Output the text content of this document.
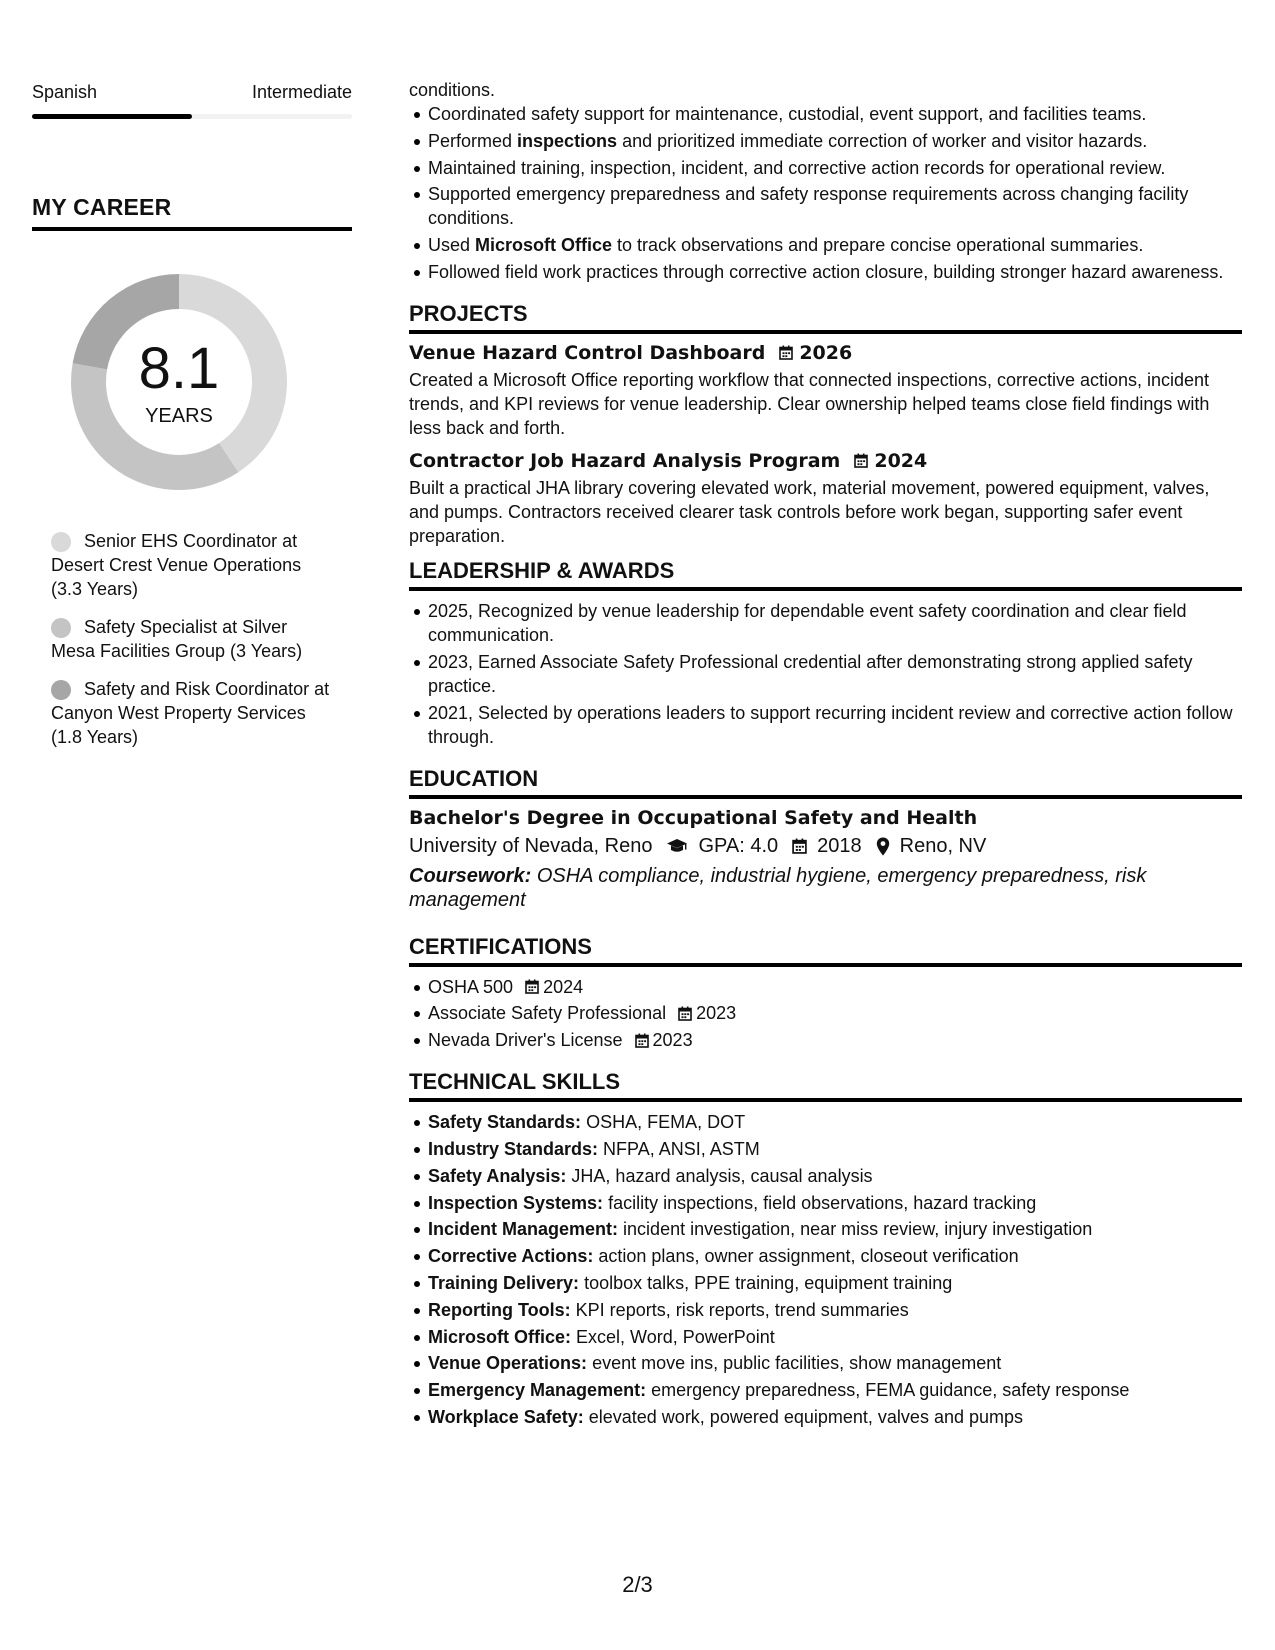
Spanish	Intermediate
MY CAREER
8.1
YEARS
Senior EHS Coordinator at Desert Crest Venue Operations (3.3 Years)
Safety Specialist at Silver Mesa Facilities Group (3 Years)
Safety and Risk Coordinator at Canyon West Property Services (1.8 Years)
conditions.
Coordinated safety support for maintenance, custodial, event support, and facilities teams.
Performed inspections and prioritized immediate correction of worker and visitor hazards.
Maintained training, inspection, incident, and corrective action records for operational review.
Supported emergency preparedness and safety response requirements across changing facility conditions.
Used Microsoft Office to track observations and prepare concise operational summaries.
Followed field work practices through corrective action closure, building stronger hazard awareness.
PROJECTS
Venue Hazard Control Dashboard 2026
Created a Microsoft Office reporting workflow that connected inspections, corrective actions, incident trends, and KPI reviews for venue leadership. Clear ownership helped teams close field findings with less back and forth.
Contractor Job Hazard Analysis Program 2024
Built a practical JHA library covering elevated work, material movement, powered equipment, valves, and pumps. Contractors received clearer task controls before work began, supporting safer event preparation.
LEADERSHIP & AWARDS
2025, Recognized by venue leadership for dependable event safety coordination and clear field communication.
2023, Earned Associate Safety Professional credential after demonstrating strong applied safety practice.
2021, Selected by operations leaders to support recurring incident review and corrective action follow through.
EDUCATION
Bachelor's Degree in Occupational Safety and Health
University of Nevada, Reno GPA: 4.0 2018 Reno, NV
Coursework: OSHA compliance, industrial hygiene, emergency preparedness, risk management
CERTIFICATIONS
OSHA 500 2024
Associate Safety Professional 2023
Nevada Driver's License 2023
TECHNICAL SKILLS
Safety Standards: OSHA, FEMA, DOT
Industry Standards: NFPA, ANSI, ASTM
Safety Analysis: JHA, hazard analysis, causal analysis
Inspection Systems: facility inspections, field observations, hazard tracking
Incident Management: incident investigation, near miss review, injury investigation
Corrective Actions: action plans, owner assignment, closeout verification
Training Delivery: toolbox talks, PPE training, equipment training
Reporting Tools: KPI reports, risk reports, trend summaries
Microsoft Office: Excel, Word, PowerPoint
Venue Operations: event move ins, public facilities, show management
Emergency Management: emergency preparedness, FEMA guidance, safety response
Workplace Safety: elevated work, powered equipment, valves and pumps
2/3
